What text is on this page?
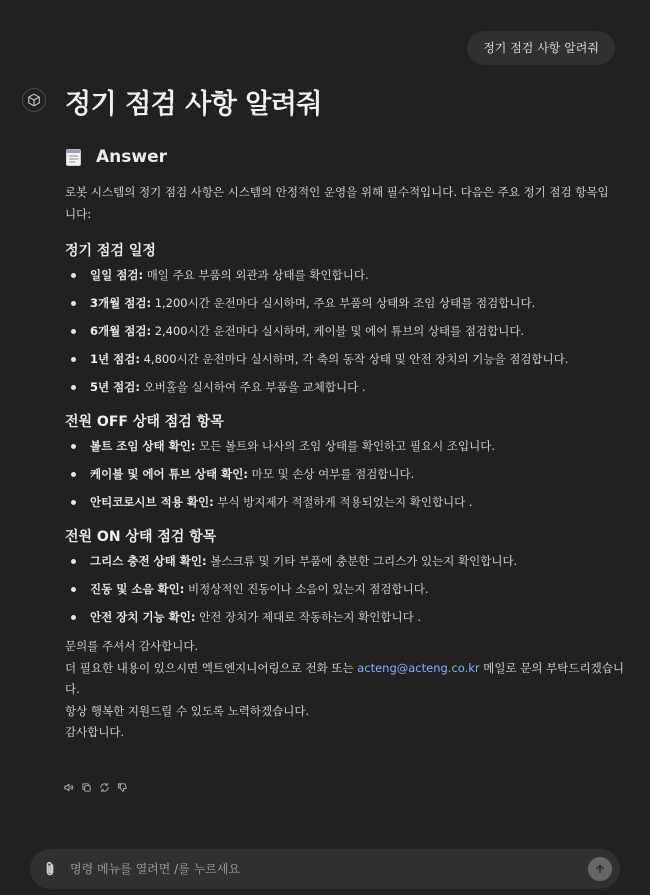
정기 점검 사항 알려줘
정기 점검 사항 알려줘
Answer

로봇 시스템의 정기 점검 사항은 시스템의 안정적인 운영을 위해 필수적입니다. 다음은 주요 정기 점검 항목입니다:

정기 점검 일정
일일 점검: 매일 주요 부품의 외관과 상태를 확인합니다.
3개월 점검: 1,200시간 운전마다 실시하며, 주요 부품의 상태와 조임 상태를 점검합니다.
6개월 점검: 2,400시간 운전마다 실시하며, 케이블 및 에어 튜브의 상태를 점검합니다.
1년 점검: 4,800시간 운전마다 실시하며, 각 축의 동작 상태 및 안전 장치의 기능을 점검합니다.
5년 점검: 오버홀을 실시하여 주요 부품을 교체합니다 .
전원 OFF 상태 점검 항목
볼트 조임 상태 확인: 모든 볼트와 나사의 조임 상태를 확인하고 필요시 조입니다.
케이블 및 에어 튜브 상태 확인: 마모 및 손상 여부를 점검합니다.
안티코로시브 적용 확인: 부식 방지제가 적절하게 적용되었는지 확인합니다 .
전원 ON 상태 점검 항목
그리스 충전 상태 확인: 볼스크류 및 기타 부품에 충분한 그리스가 있는지 확인합니다.
진동 및 소음 확인: 비정상적인 진동이나 소음이 있는지 점검합니다.
안전 장치 기능 확인: 안전 장치가 제대로 작동하는지 확인합니다 .
문의를 주셔서 감사합니다.
더 필요한 내용이 있으시면 엑트엔지니어링으로 전화 또는 acteng@acteng.co.kr 메일로 문의 부탁드리겠습니다.
항상 행복한 지원드릴 수 있도록 노력하겠습니다.
감사합니다.
명령 메뉴를 열려면 /를 누르세요
